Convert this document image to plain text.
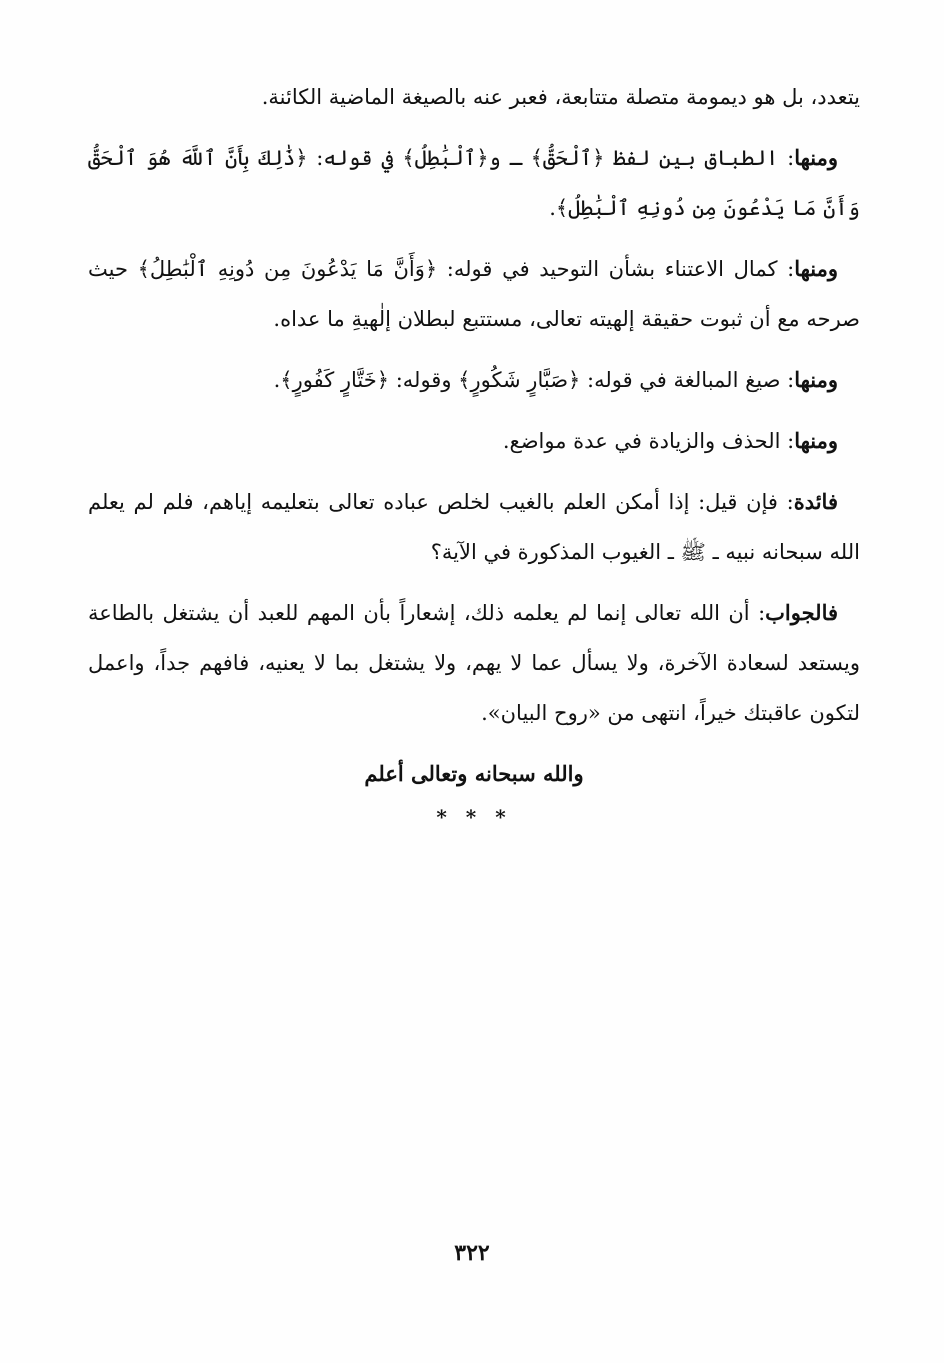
يتعدد، بل هو ديمومة متصلة متتابعة، فعبر عنه بالصيغة الماضية الكائنة.

ومنها: الطباق بين لفظ ﴿ٱلْحَقُّ﴾ ـ و﴿ٱلْبَٰطِلُ﴾ في قوله: ﴿ذَٰلِكَ بِأَنَّ ٱللَّهَ هُوَ ٱلْحَقُّ وَأَنَّ مَا يَدْعُونَ مِن دُونِهِ ٱلْبَٰطِلُ﴾.

ومنها: كمال الاعتناء بشأن التوحيد في قوله: ﴿وَأَنَّ مَا يَدْعُونَ مِن دُونِهِ ٱلْبَٰطِلُ﴾ حيث صرحه مع أن ثبوت حقيقة إلهيته تعالى، مستتبع لبطلان إلٰهيةِ ما عداه.

ومنها: صيغ المبالغة في قوله: ﴿صَبَّارٍ شَكُورٍ﴾ وقوله: ﴿خَتَّارٍ كَفُورٍ﴾.

ومنها: الحذف والزيادة في عدة مواضع.

فائدة: فإن قيل: إذا أمكن العلم بالغيب لخلص عباده تعالى بتعليمه إياهم، فلم لم يعلم الله سبحانه نبيه ـ ﷺ ـ الغيوب المذكورة في الآية؟

فالجواب: أن الله تعالى إنما لم يعلمه ذلك، إشعاراً بأن المهم للعبد أن يشتغل بالطاعة ويستعد لسعادة الآخرة، ولا يسأل عما لا يهم، ولا يشتغل بما لا يعنيه، فافهم جداً، واعمل لتكون عاقبتك خيراً، انتهى من «روح البيان».

والله سبحانه وتعالى أعلم
* * *
٣٢٢
